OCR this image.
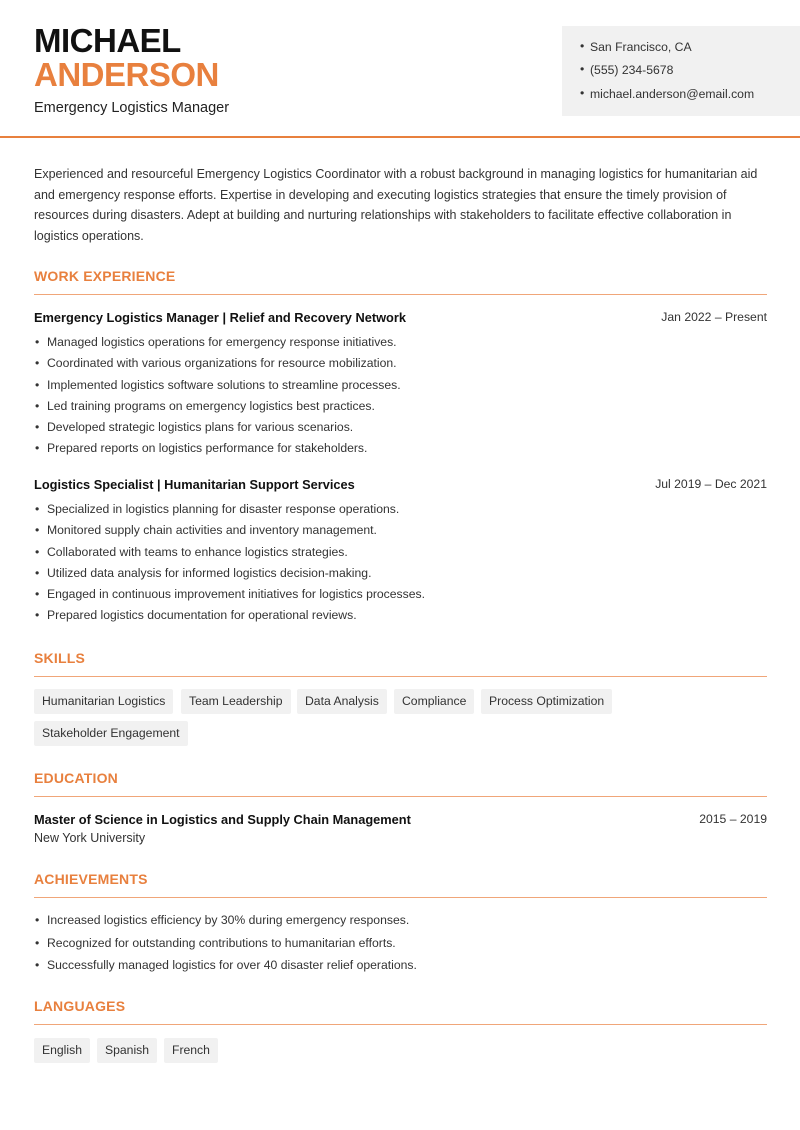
MICHAEL
ANDERSON
Emergency Logistics Manager
• San Francisco, CA
• (555) 234-5678
• michael.anderson@email.com
Experienced and resourceful Emergency Logistics Coordinator with a robust background in managing logistics for humanitarian aid and emergency response efforts. Expertise in developing and executing logistics strategies that ensure the timely provision of resources during disasters. Adept at building and nurturing relationships with stakeholders to facilitate effective collaboration in logistics operations.
WORK EXPERIENCE
Emergency Logistics Manager | Relief and Recovery Network	Jan 2022 – Present
• Managed logistics operations for emergency response initiatives.
• Coordinated with various organizations for resource mobilization.
• Implemented logistics software solutions to streamline processes.
• Led training programs on emergency logistics best practices.
• Developed strategic logistics plans for various scenarios.
• Prepared reports on logistics performance for stakeholders.
Logistics Specialist | Humanitarian Support Services	Jul 2019 – Dec 2021
• Specialized in logistics planning for disaster response operations.
• Monitored supply chain activities and inventory management.
• Collaborated with teams to enhance logistics strategies.
• Utilized data analysis for informed logistics decision-making.
• Engaged in continuous improvement initiatives for logistics processes.
• Prepared logistics documentation for operational reviews.
SKILLS
Humanitarian Logistics	Team Leadership	Data Analysis	Compliance	Process Optimization
Stakeholder Engagement
EDUCATION
Master of Science in Logistics and Supply Chain Management	2015 – 2019
New York University
ACHIEVEMENTS
• Increased logistics efficiency by 30% during emergency responses.
• Recognized for outstanding contributions to humanitarian efforts.
• Successfully managed logistics for over 40 disaster relief operations.
LANGUAGES
English	Spanish	French
